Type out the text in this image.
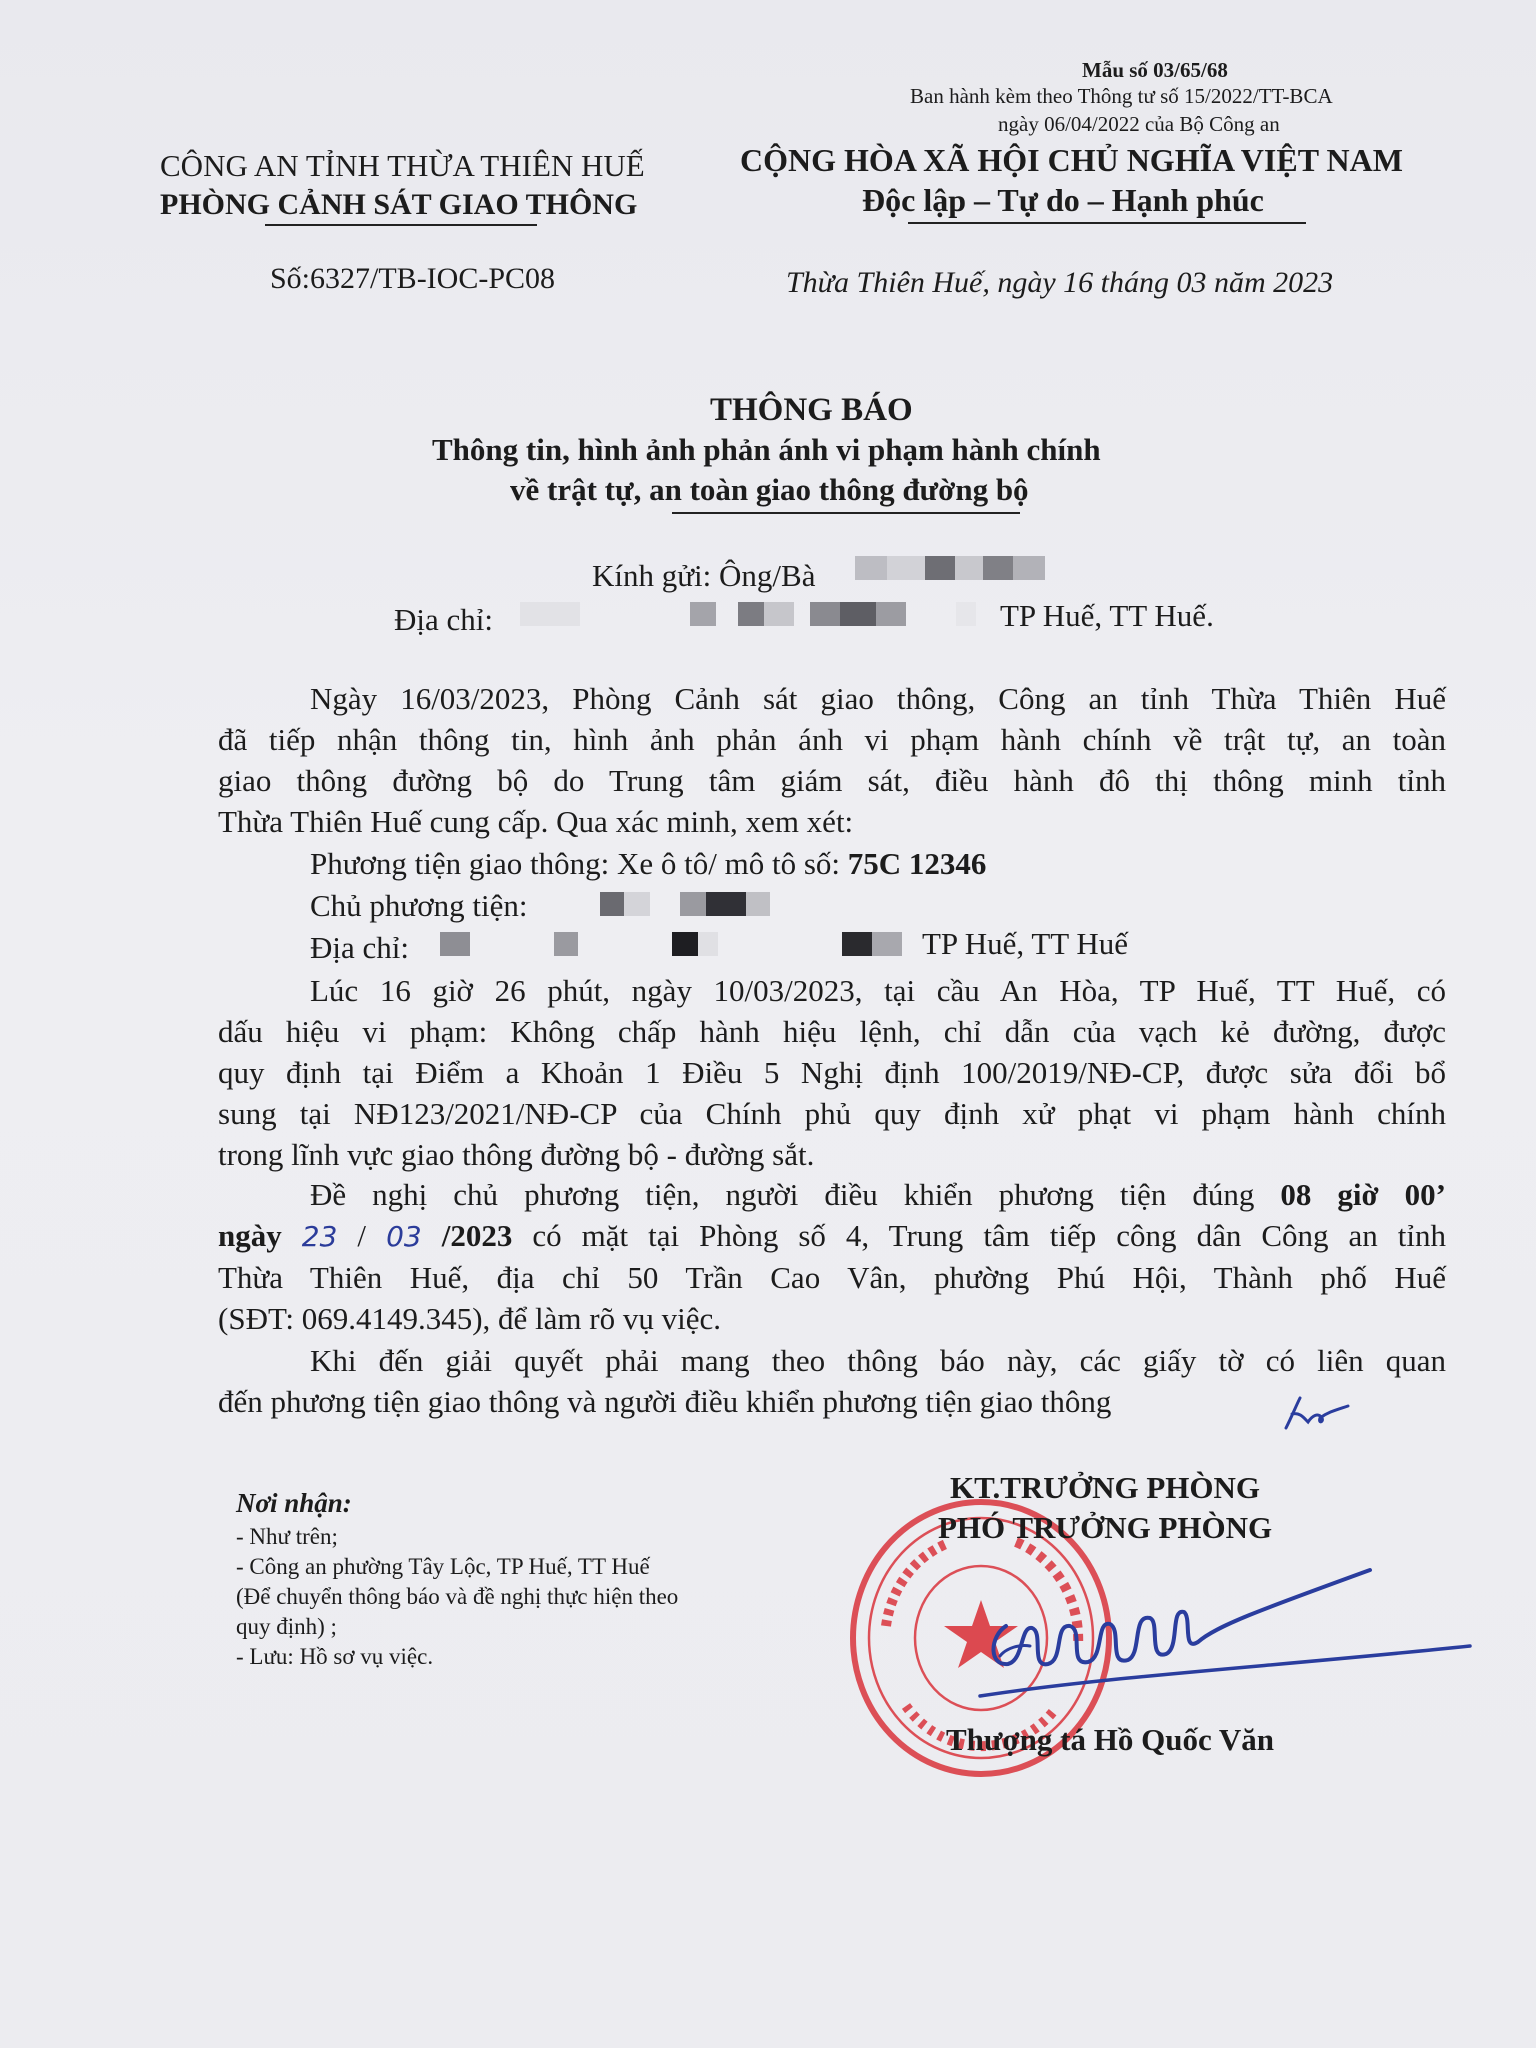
Mẫu số 03/65/68
Ban hành kèm theo Thông tư số 15/2022/TT-BCA
ngày 06/04/2022 của Bộ Công an
CÔNG AN TỈNH THỪA THIÊN HUẾ
PHÒNG CẢNH SÁT GIAO THÔNG
Số:6327/TB-IOC-PC08
CỘNG HÒA XÃ HỘI CHỦ NGHĨA VIỆT NAM
Độc lập – Tự do – Hạnh phúc
Thừa Thiên Huế, ngày 16 tháng 03 năm 2023
THÔNG BÁO
Thông tin, hình ảnh phản ánh vi phạm hành chính
về trật tự, an toàn giao thông đường bộ
Kính gửi: Ông/Bà
Địa chỉ:	TP Huế, TT Huế.
Ngày 16/03/2023, Phòng Cảnh sát giao thông, Công an tỉnh Thừa Thiên Huế
đã tiếp nhận thông tin, hình ảnh phản ánh vi phạm hành chính về trật tự, an toàn
giao thông đường bộ do Trung tâm giám sát, điều hành đô thị thông minh tỉnh
Thừa Thiên Huế cung cấp. Qua xác minh, xem xét:
Phương tiện giao thông: Xe ô tô/ mô tô số: 75C 12346
Chủ phương tiện:
Địa chỉ:	TP Huế, TT Huế
Lúc 16 giờ 26 phút, ngày 10/03/2023, tại cầu An Hòa, TP Huế, TT Huế, có
dấu hiệu vi phạm: Không chấp hành hiệu lệnh, chỉ dẫn của vạch kẻ đường, được
quy định tại Điểm a Khoản 1 Điều 5 Nghị định 100/2019/NĐ-CP, được sửa đổi bổ
sung tại NĐ123/2021/NĐ-CP của Chính phủ quy định xử phạt vi phạm hành chính
trong lĩnh vực giao thông đường bộ - đường sắt.
Đề nghị chủ phương tiện, người điều khiển phương tiện đúng 08 giờ 00’
ngày 23 / 03 /2023 có mặt tại Phòng số 4, Trung tâm tiếp công dân Công an tỉnh
Thừa Thiên Huế, địa chỉ 50 Trần Cao Vân, phường Phú Hội, Thành phố Huế
(SĐT: 069.4149.345), để làm rõ vụ việc.
Khi đến giải quyết phải mang theo thông báo này, các giấy tờ có liên quan
đến phương tiện giao thông và người điều khiển phương tiện giao thông
Nơi nhận:
- Như trên;
- Công an phường Tây Lộc, TP Huế, TT Huế
(Để chuyển thông báo và đề nghị thực hiện theo
quy định) ;
- Lưu: Hồ sơ vụ việc.
KT.TRƯỞNG PHÒNG
PHÓ TRƯỞNG PHÒNG
Thượng tá Hồ Quốc Văn
